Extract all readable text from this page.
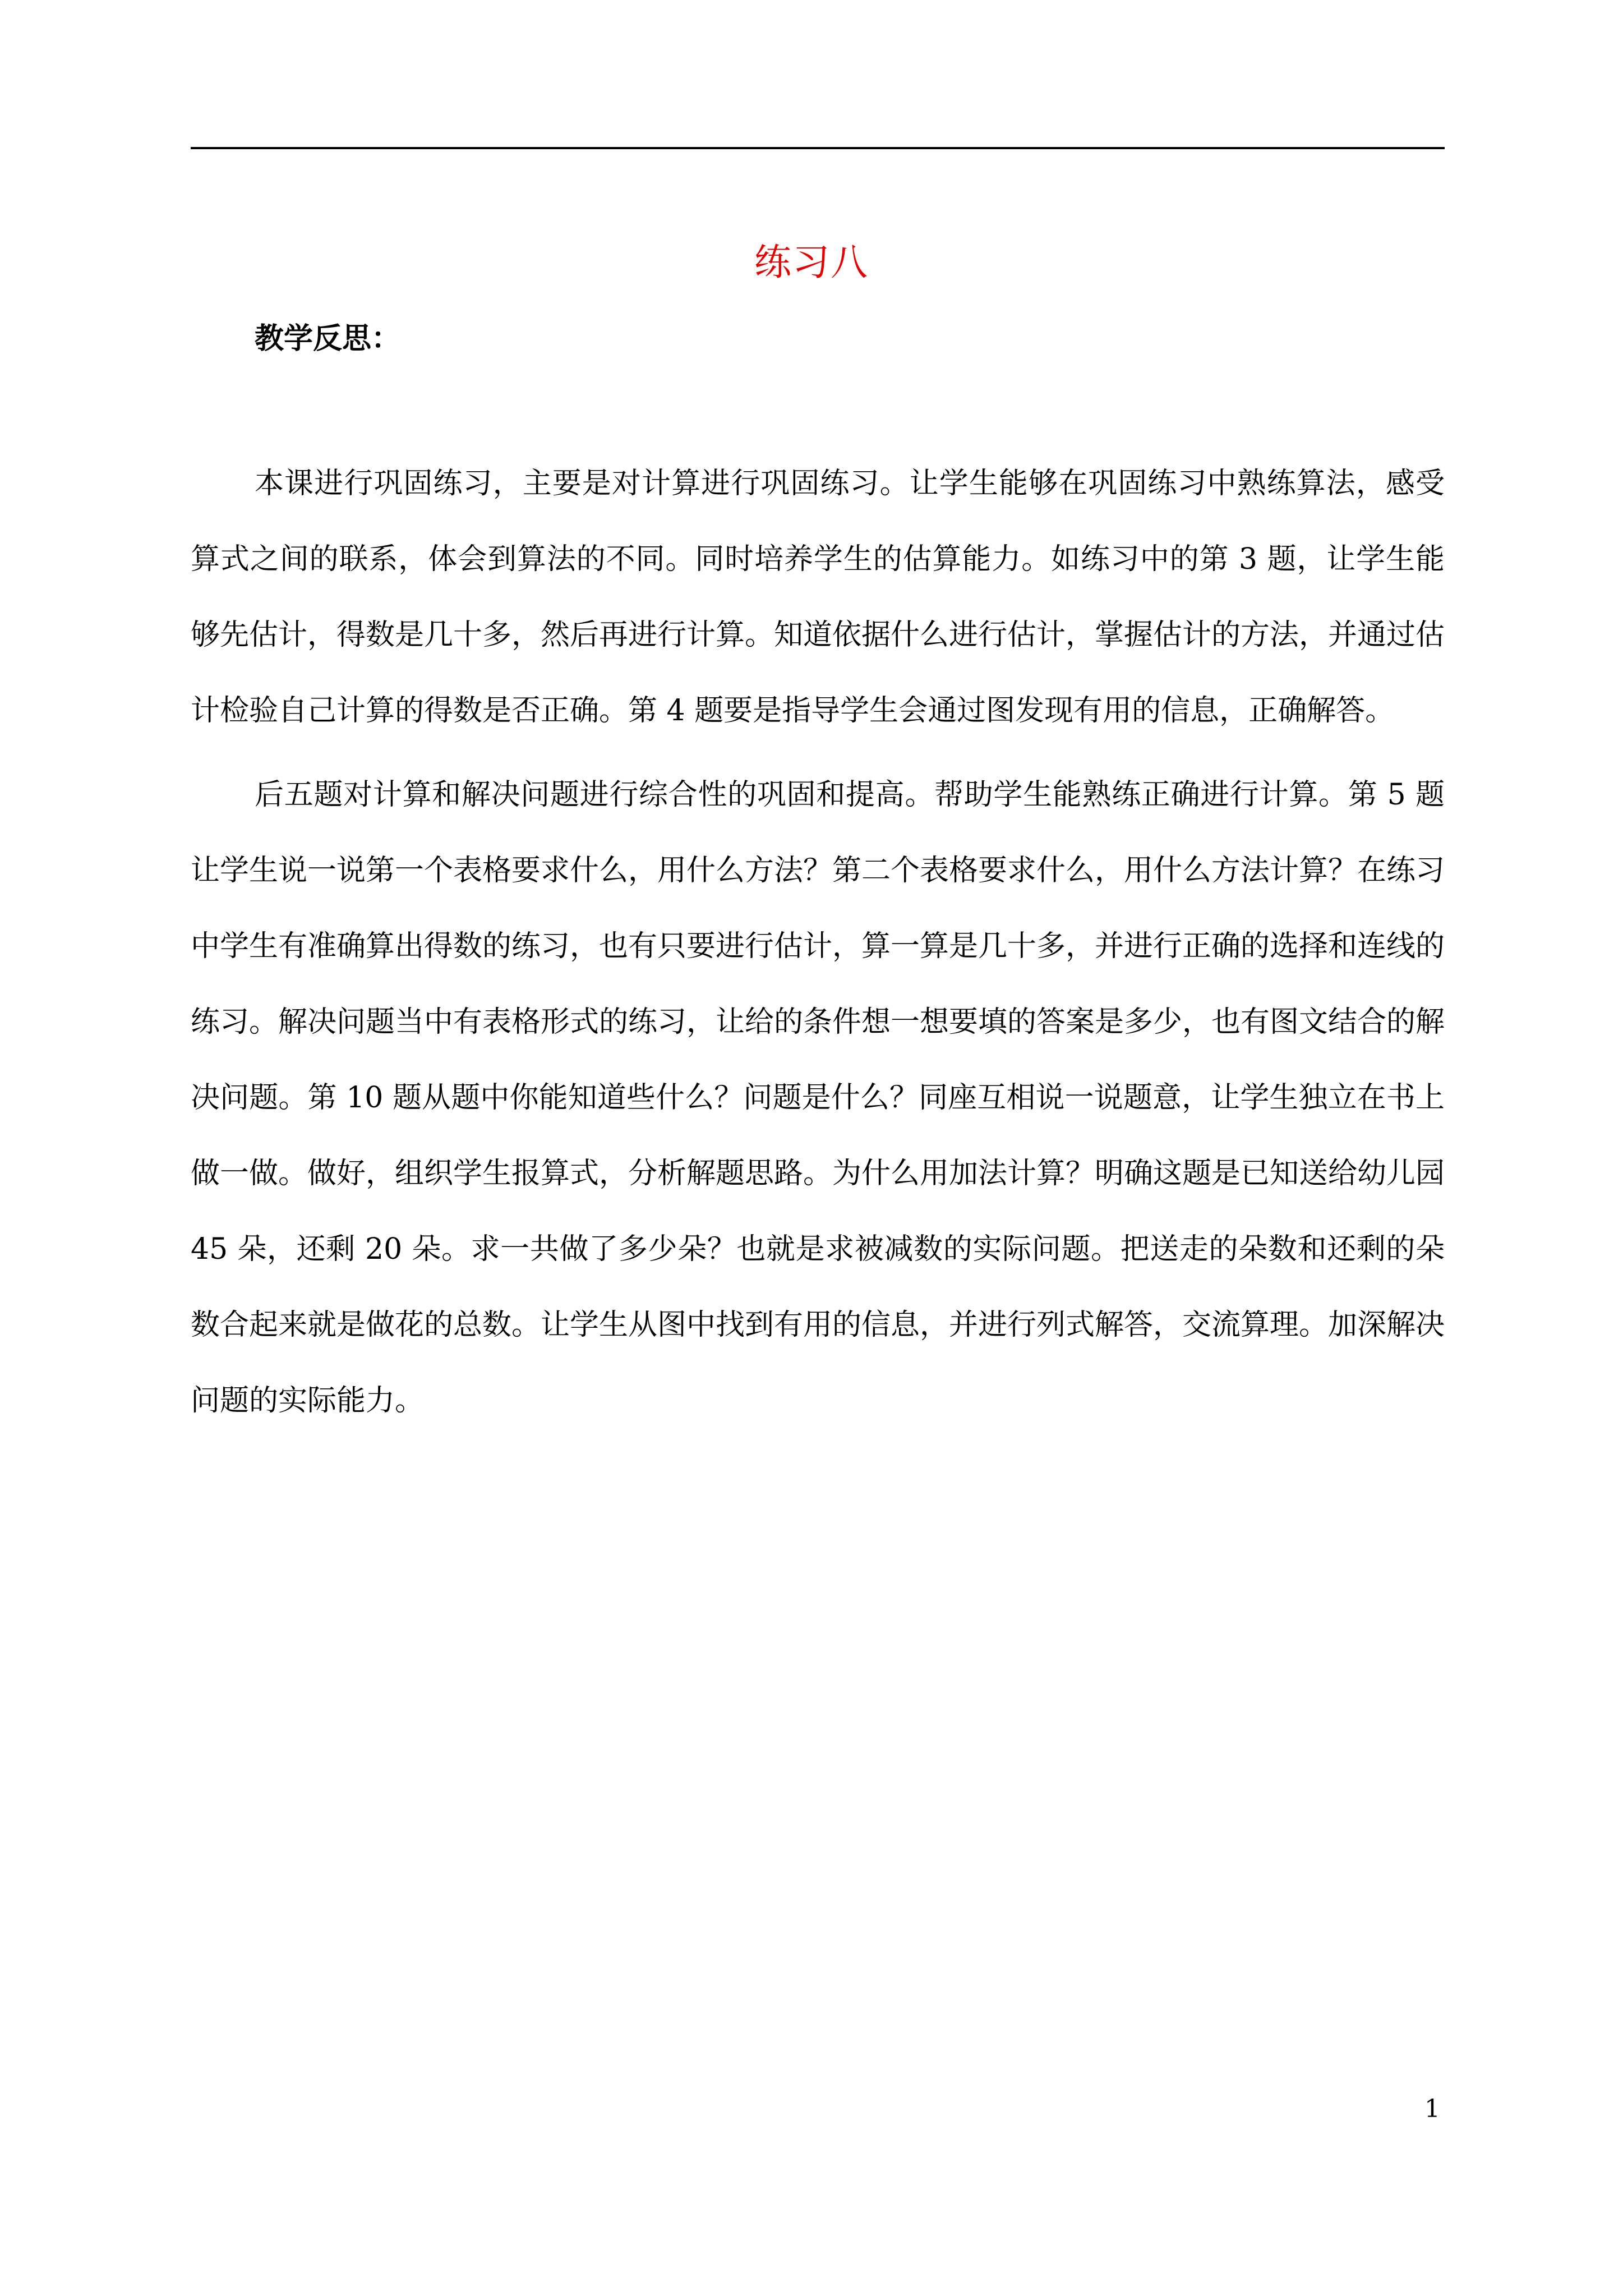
练习八
教学反思：

本课进行巩固练习，主要是对计算进行巩固练习。让学生能够在巩固练习中熟练算法，感受算式之间的联系，体会到算法的不同。同时培养学生的估算能力。如练习中的第 3 题，让学生能够先估计，得数是几十多，然后再进行计算。知道依据什么进行估计，掌握估计的方法，并通过估计检验自己计算的得数是否正确。第 4 题要是指导学生会通过图发现有用的信息，正确解答。

后五题对计算和解决问题进行综合性的巩固和提高。帮助学生能熟练正确进行计算。第 5 题让学生说一说第一个表格要求什么，用什么方法？第二个表格要求什么，用什么方法计算？在练习中学生有准确算出得数的练习，也有只要进行估计，算一算是几十多，并进行正确的选择和连线的练习。解决问题当中有表格形式的练习，让给的条件想一想要填的答案是多少，也有图文结合的解决问题。第 10 题从题中你能知道些什么？问题是什么？同座互相说一说题意，让学生独立在书上做一做。做好，组织学生报算式，分析解题思路。为什么用加法计算？明确这题是已知送给幼儿园 45 朵，还剩 20 朵。求一共做了多少朵？也就是求被减数的实际问题。把送走的朵数和还剩的朵数合起来就是做花的总数。让学生从图中找到有用的信息，并进行列式解答，交流算理。加深解决问题的实际能力。

1
